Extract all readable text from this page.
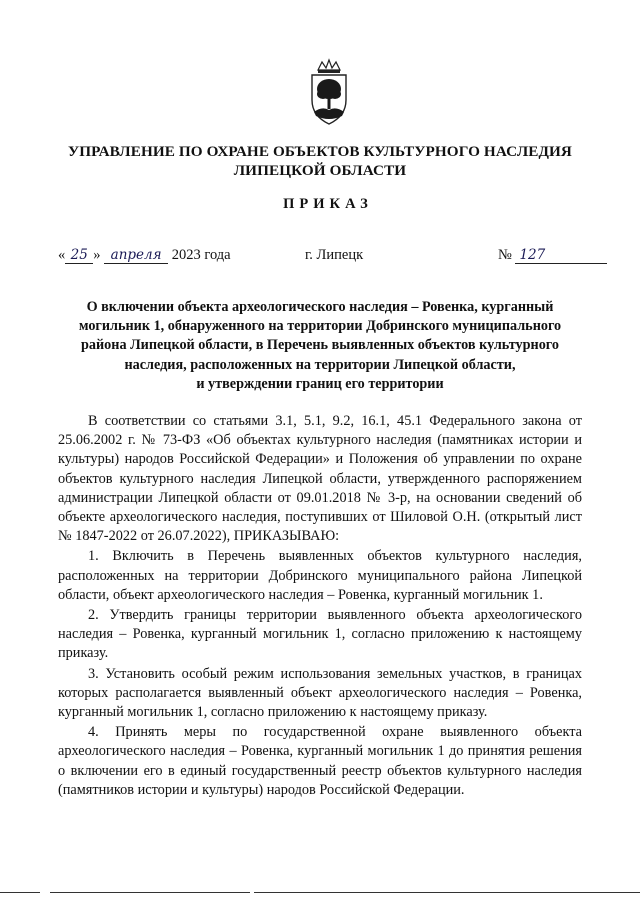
УПРАВЛЕНИЕ ПО ОХРАНЕ ОБЪЕКТОВ КУЛЬТУРНОГО НАСЛЕДИЯ
ЛИПЕЦКОЙ ОБЛАСТИ
ПРИКАЗ
« 25 » апреля 2023 года	г. Липецк	№ 127
О включении объекта археологического наследия – Ровенка, курганный
могильник 1, обнаруженного на территории Добринского муниципального
района Липецкой области, в Перечень выявленных объектов культурного
наследия, расположенных на территории Липецкой области,
и утверждении границ его территории

В соответствии со статьями 3.1, 5.1, 9.2, 16.1, 45.1 Федерального закона от 25.06.2002 г. № 73-ФЗ «Об объектах культурного наследия (памятниках истории и культуры) народов Российской Федерации» и Положения об управлении по охране объектов культурного наследия Липецкой области, утвержденного распоряжением администрации Липецкой области от 09.01.2018 № 3-р, на основании сведений об объекте археологического наследия, поступивших от Шиловой О.Н. (открытый лист № 1847-2022 от 26.07.2022), ПРИКАЗЫВАЮ:

1. Включить в Перечень выявленных объектов культурного наследия, расположенных на территории Добринского муниципального района Липецкой области, объект археологического наследия – Ровенка, курганный могильник 1.

2. Утвердить границы территории выявленного объекта археологического наследия – Ровенка, курганный могильник 1, согласно приложению к настоящему приказу.

3. Установить особый режим использования земельных участков, в границах которых располагается выявленный объект археологического наследия – Ровенка, курганный могильник 1, согласно приложению к настоящему приказу.

4. Принять меры по государственной охране выявленного объекта археологического наследия – Ровенка, курганный могильник 1 до принятия решения о включении его в единый государственный реестр объектов культурного наследия (памятников истории и культуры) народов Российской Федерации.
